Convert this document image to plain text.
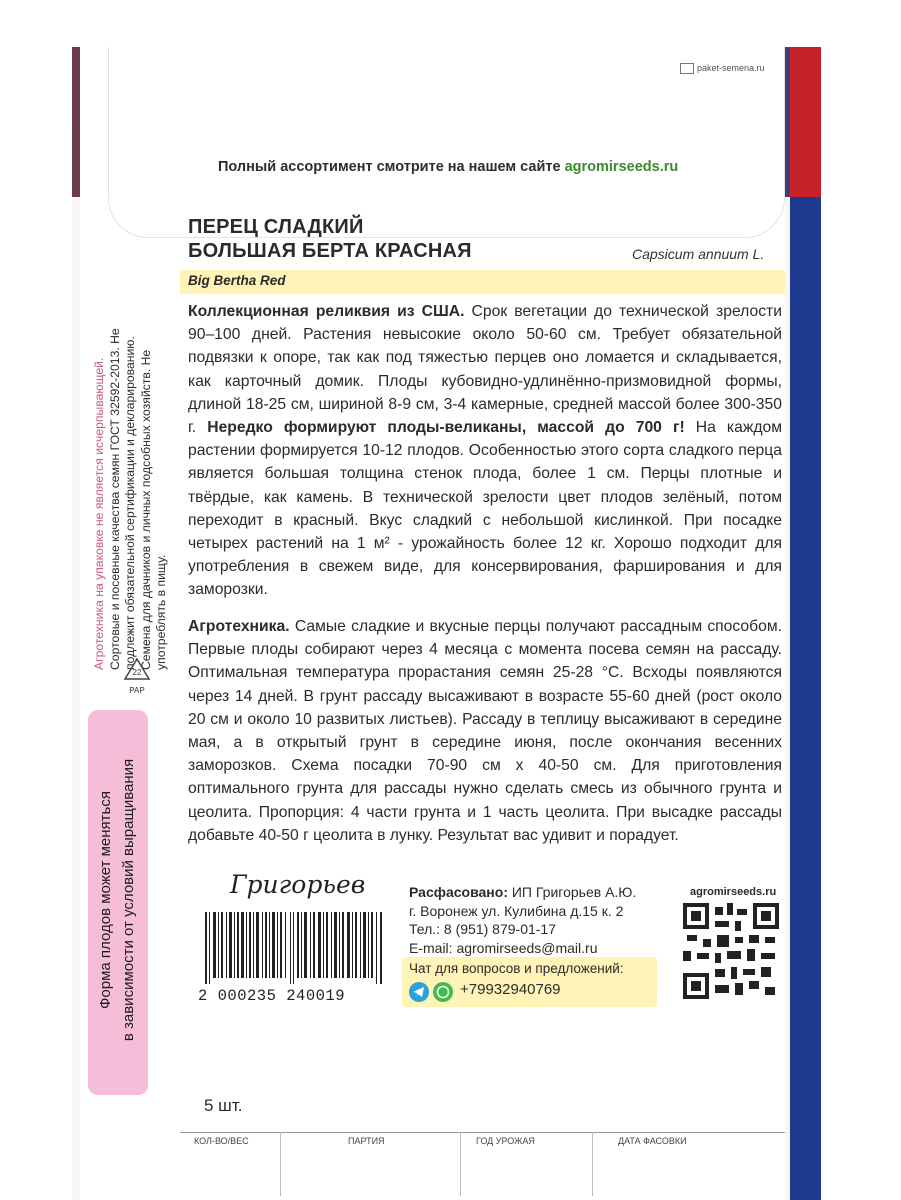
paket-semena.ru
Полный ассортимент смотрите на нашем сайте agromirseeds.ru
ПЕРЕЦ СЛАДКИЙ
БОЛЬШАЯ БЕРТА КРАСНАЯ	Capsicum annuum L.
Big Bertha Red
Коллекционная реликвия из США. Срок вегетации до технической зрелости 90–100 дней. Растения невысокие около 50-60 см. Требует обязательной подвязки к опоре, так как под тяжестью перцев оно ломается и складывается, как карточный домик. Плоды кубовидно-удлинённо-призмовидной формы, длиной 18-25 см, шириной 8-9 см, 3-4 камерные, средней массой более 300-350 г. Нередко формируют плоды-великаны, массой до 700 г! На каждом растении формируется 10-12 плодов. Особенностью этого сорта сладкого перца является большая толщина стенок плода, более 1 см. Перцы плотные и твёрдые, как камень. В технической зрелости цвет плодов зелёный, потом переходит в красный. Вкус сладкий с небольшой кислинкой. При посадке четырех растений на 1 м² - урожайность более 12 кг. Хорошо подходит для употребления в свежем виде, для консервирования, фарширования и для заморозки.
Агротехника. Самые сладкие и вкусные перцы получают рассадным способом. Первые плоды собирают через 4 месяца с момента посева семян на рассаду. Оптимальная температура прорастания семян 25-28 °С. Всходы появляются через 14 дней. В грунт рассаду высаживают в возрасте 55-60 дней (рост около 20 см и около 10 развитых листьев). Рассаду в теплицу высаживают в середине мая, а в открытый грунт в середине июня, после окончания весенних заморозков. Схема посадки 70-90 см х 40-50 см. Для приготовления оптимального грунта для рассады нужно сделать смесь из обычного грунта и цеолита. Пропорция: 4 части грунта и 1 часть цеолита. При высадке рассады добавьте 40-50 г цеолита в лунку. Результат вас удивит и порадует.
Агротехника на упаковке не является исчерпывающей. Сортовые и посевные качества семян ГОСТ 32592-2013. Не подлежит обязательной сертификации и декларированию. Семена для дачников и личных подсобных хозяйств. Не употреблять в пищу.
22
PAP
Форма плодов может меняться в зависимости от условий выращивания	Григорьев
2 000235 240019
Расфасовано: ИП Григорьев А.Ю.
г. Воронеж ул. Кулибина д.15 к. 2
Тел.: 8 (951) 879-01-17
E-mail: agromirseeds@mail.ru
Чат для вопросов и предложений:
+79932940769
agromirseeds.ru
5 шт.
КОЛ-ВО/ВЕС	ПАРТИЯ	ГОД УРОЖАЯ	ДАТА ФАСОВКИ
